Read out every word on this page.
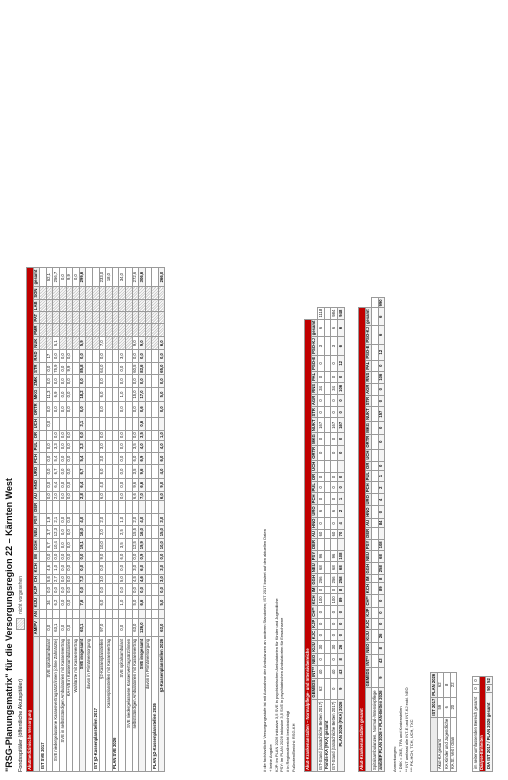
"RSG-Planungsmatrix" für die Versorgungsregion 22 – Kärnten West Fondsspitäler (öffentliche Akutspitäler)
nicht vorgesehen
Akutmedizinische Versorgung																													
	AM/PV	AN	KIJU	KJP	CH	KCH	IM	GGH	NEU	PSY	DER	AU	HNO	URO	PCH	PUL	OR	UCH	ORTR	MKG	ZMK	STR	RAD	NUK	PMR	PAT	LAB	SON	gesamt
IST SVE 2017																													
SVE spitalsambulant	0,0		34	0,0	5,6	4,6	0,0	6,7	3,7	1,9		0,0	0,0	0,0	0,0	0,0		0,0	0,0	11,3	0,0	0,0	17						52,1
SVE niedergelassene Kassenvertragsärzt/innen (ohne Zahnärzte)	63,1		6,2	0,0	2,7	1,0	0,0	10,4	12,3	2,1		2,0	6,4	6,7	5,4	3,3	0,0		0,0	6,9	0,0	75,9	0,0	5,1					256,7
SVE in selbstständigen Ambulatorien mit Kassenvertrag	0,0		0,0	0,0	0,0	0,0	0,0	0,0	0,0	0,0		0,0	0,0	0,0	0,0	0,0	0,0		0,0	0,0	0,0	0,0	0,0						0,0
KA+VB in Kassenambulatorien	0,0		0,0	0,0	0,0	0,0	0,0	0,0	0,0	0,0		0,0	0,0	0,0	0,0	0,0	0,0		0,0	0,0	0,0	9,9	0,0						9,9
Wahlärzte mit Kassenvertrag																													0,0
SVE insgesamt	63,1		7,6	0,0	7,3	0,0	0,0	19,1	16,0	4,0		2,8	6,4	6,7	5,4	3,3	0,0	3,1	0,0	18,2	0,0	85,8	0,0	5,9					299,6
davon in Primärversorgung																													
IST §2-Kassenplanstellen 2017																													
§2-Kassenplanstellen	97,0		6,0	0,0	3,0	0,0	9,0	10,0	2,0	2,0		6,0	4,0	6,0	3,0	3,0	0,0		0,0	6,0	0,0	64,0	0,0	7,0					233,0
Kassenplanstellen mit Kassenvertrag																													18,0
PLAN SVE 2026																													
SVE spitalsambulant	0,0		1,0	0,0	5,0	0,0	6,0	3,5	2,5	1,0		0,0	0,0	0,0	0,0	0,0	0,0		0,0	1,0	0,0	0,0	3,0						34,0
SVE niedergelassene Kassenvertragsärzt/innen																													
selbstständigen Ambulatorien mit Kassenvertrag	63,0		5,0	0,0	4,5	3,0	0,0	12,5	15,5	2,0		6,6	9,6	3,5	6,0	3,5	0,0		0,0	15,0	0,0	60,5	0,0	9,0					272,6
SVE insgesamt	126,0		6,6	0,0	4,6	6,0	0,9	19,9	16,0	4,0		7,0	6,6	9,6	6,9	4,0	3,5	0,6	0,6	17,0	0,0	83,6	0,0	9,0					306,6
davon in Primärversorgung																													
PLAN §2-Kassenplanstellen 2026																													
§2-Kassenplanstellen 2026	63,0		5,0	0,0	3,0	3,0	0,0	10,0	15,0	3,0		6,0	9,0	4,0	6,0	4,0	1,0		0,0	5,0	0,0	65,0	0,0	6,0					266,0
# die fachärztliche Versorgungsstufe ist mit Ausnahme der Ambulanzen an anderen Standorten; IST 2017 basiert auf den aktuellen Daten + keine Angabe KJP: im PLAN 2026 inklusive 3,5 SVE in psychiatrischen Ambulatorien für Kinder und Jugendliche PSY: im PLAN 2026 inklusive 3,5 SVE in psychiatrischen Ambulatorien für Erwachsene # in Regionalbericht berücksichtigt Fußnoten/Bericht: RSG-KH Akut-Krankenanstalten – Normalpflege- und Intensivbereiche																															
	GEM/IDS	INT**	NEO	KIJU	KJC	KJP	CH**	KCH	IM	GGH	NEU	PSY	DER	AU	HNO	URO	PCH	PUL	OR	UCH	ORTR	MKG	NUKT	STR	AGR	RNS	PAL	PSO-E	PSO-KJ	gesamt	
IST-Stand (tatsächliche Betten 2017)	62	40	0	30	0	0	0	100	0	256	68	96		60	0	6	0	0	0		0	0	167	0	0	34	0	0	3	6	1118
Fonds-KA (FKA) gesamt																															
IST-Stand (tatsächliche Betten 2017)	0	40	0	30	0	0	0	100	0	256	68	96		60	0	6	0	0	0		0	0	167	0	0	34	0	0	3	6	984
PLAN 2026 (FKA) 2026	9	43	8	26	0	0	0	89	8	258	68	108		70	4	2	1	0	0		0	0	167	0	0	106	0	12	6	6	948
Akut-Krankenanstalten gesamt																															
	GEM/IDS	INT**	NEO	KIJU	KJC	KJP	CH**	KCH	IM	GGH	NEU	PSY	DER	AU	HNO	URO	PCH	PUL	OR	UCH	ORTR	MKG	NUKT	STR	AGR	RNS	PAL	PSO-E	PSO-KJ	gesamt	
Spitalsambulanzen, Normal-/Intensivpflege																															
amb/EP PLAN 2026 + PLAN-Betten 2026	9	43	8	26	0	0	0	89	8	258	68	108		84	0	4	2	1	0		0	0	157	0	0	106	0	12	6	6	990
Anmerkungen: * DBK = ZKE, TPA und Kostenstellen ** INT umfasst alle INT-E und INT-KJ exkl. NEO *** PK-HCH, TCH, UCH, TXC
	IST 2017	PLAN 2026
Akut-KA gesamt	59	62
KA Kinder und Jugendliche	6	8
KA St. Veit / Glan	20	22
im seitenumfassenden Bereich gesamt	0	0
Dialyse-Einheiten		
DIA IST 2017 / PLAN 2026 gesamt	50	52
